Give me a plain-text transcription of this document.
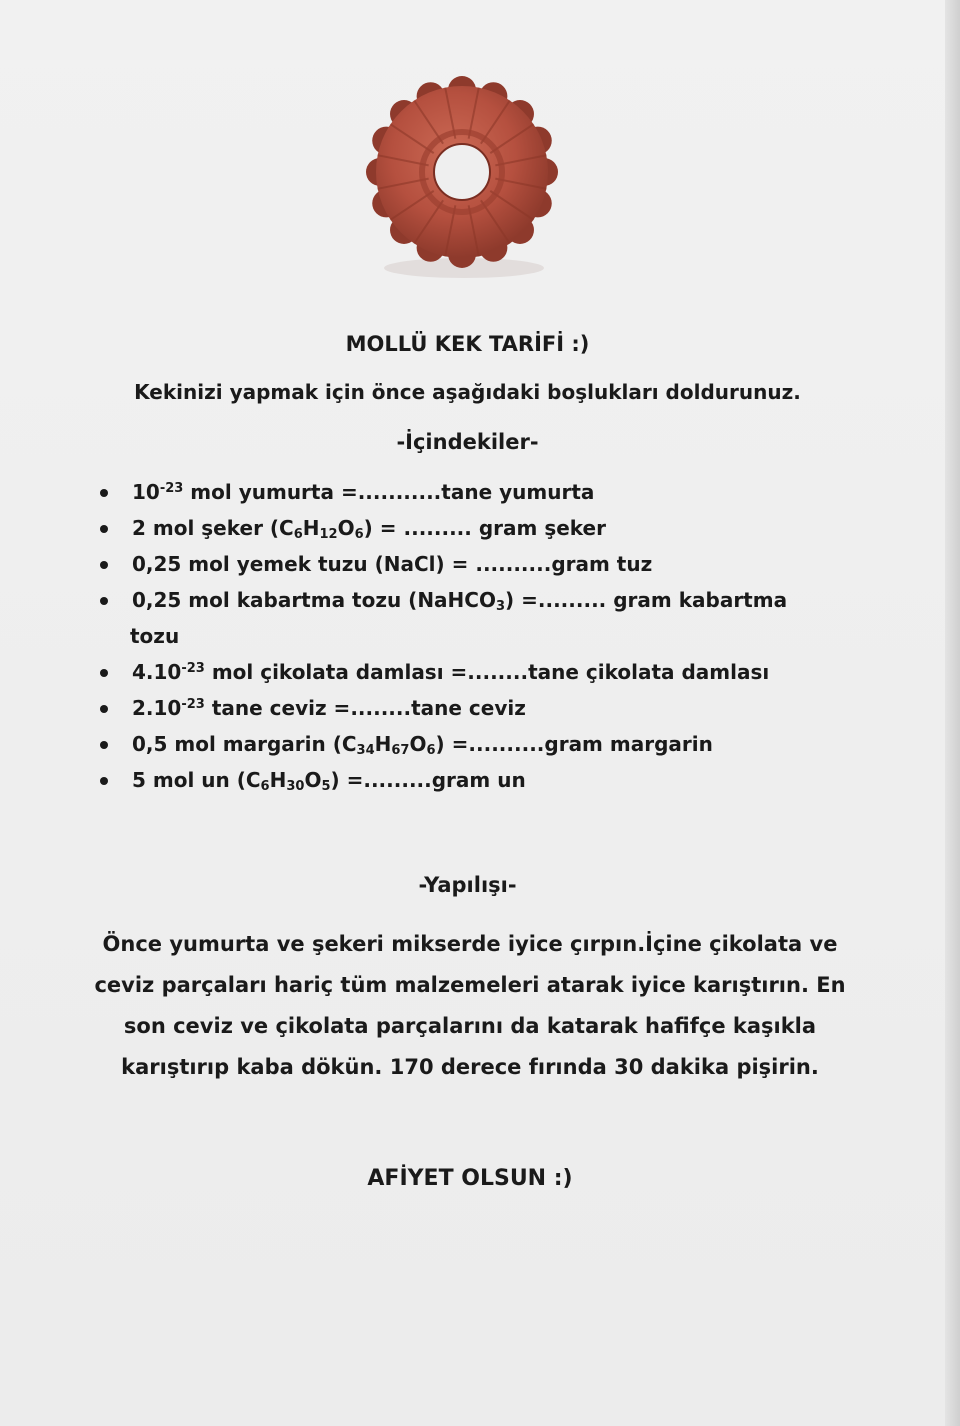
MOLLÜ KEK TARİFİ :)
Kekinizi yapmak için önce aşağıdaki boşlukları doldurunuz.
-İçindekiler-
$10^{-23}$ mol yumurta =...........tane yumurta
2 mol şeker $(C_6H_{12}O_6)$ = ......... gram şeker
0,25 mol yemek tuzu (NaCl) = ..........gram tuz
0,25 mol kabartma tozu (NaHCO$_3$) =......... gram kabartma
tozu
$4.10^{-23}$ mol çikolata damlası =........tane çikolata damlası
$2.10^{-23}$ tane ceviz =........tane ceviz
0,5 mol margarin $(C_{34}H_{67}O_6)$ =..........gram margarin
5 mol un $(C_6H_{30}O_5)$ =.........gram un
-Yapılışı-
Önce yumurta ve şekeri mikserde iyice çırpın.İçine çikolata ve
ceviz parçaları hariç tüm malzemeleri atarak iyice karıştırın. En
son ceviz ve çikolata parçalarını da katarak hafifçe kaşıkla
karıştırıp kaba dökün. 170 derece fırında 30 dakika pişirin.
AFİYET OLSUN :)
